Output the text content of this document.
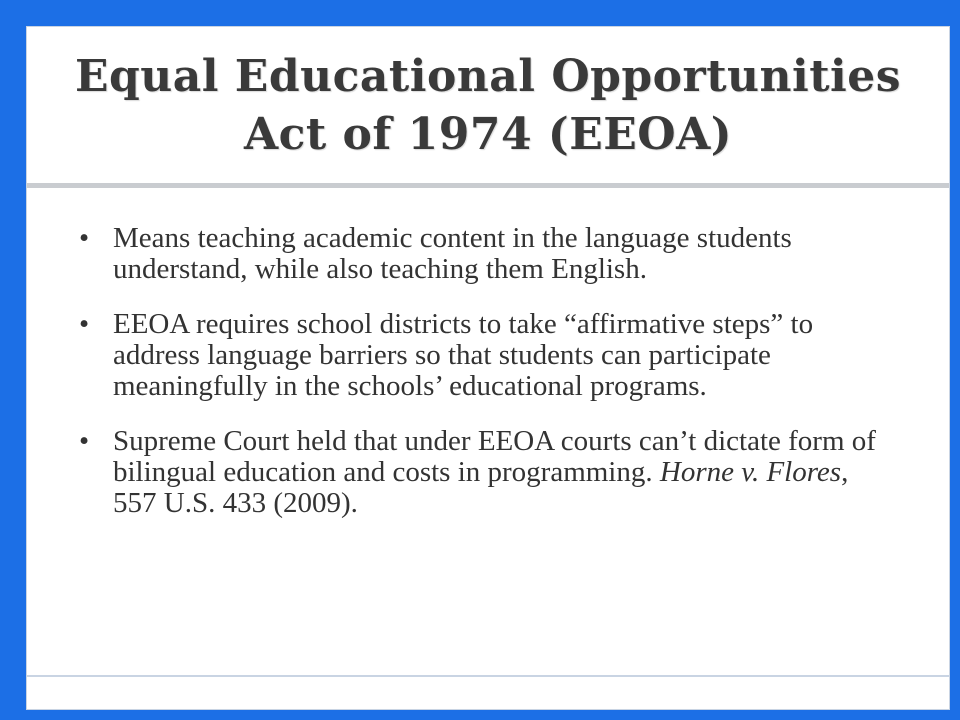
Equal Educational Opportunities Act of 1974 (EEOA)
• Means teaching academic content in the language students understand, while also teaching them English.
• EEOA requires school districts to take “affirmative steps” to address language barriers so that students can participate meaningfully in the schools’ educational programs.
• Supreme Court held that under EEOA courts can’t dictate form of bilingual education and costs in programming. Horne v. Flores, 557 U.S. 433 (2009).
